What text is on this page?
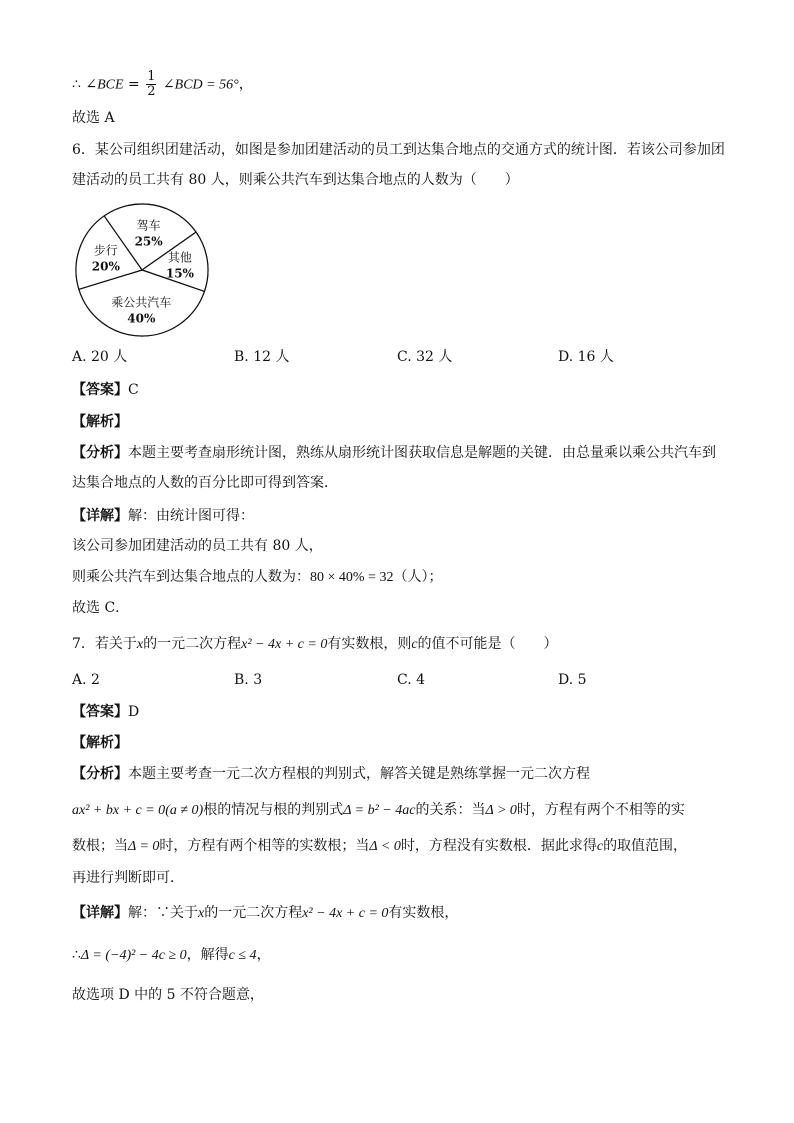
∴ ∠BCE = $\frac{1}{2}$ ∠BCD = 56°，
故选 A
6．某公司组织团建活动，如图是参加团建活动的员工到达集合地点的交通方式的统计图．若该公司参加团
建活动的员工共有 80 人，则乘公共汽车到达集合地点的人数为（　　）
驾车
25%
其他
15%
乘公共汽车
40%
步行
20%
A. 20 人	B. 12 人	C. 32 人	D. 16 人
【答案】C
【解析】
【分析】本题主要考查扇形统计图，熟练从扇形统计图获取信息是解题的关键．由总量乘以乘公共汽车到
达集合地点的人数的百分比即可得到答案．
【详解】解：由统计图可得：
该公司参加团建活动的员工共有 80 人，
则乘公共汽车到达集合地点的人数为：80 × 40% = 32（人）；
故选 C．
7．若关于x的一元二次方程x² − 4x + c = 0有实数根，则c的值不可能是（　　）
A. 2	B. 3	C. 4	D. 5
【答案】D
【解析】
【分析】本题主要考查一元二次方程根的判别式，解答关键是熟练掌握一元二次方程
ax² + bx + c = 0(a ≠ 0)根的情况与根的判别式Δ = b² − 4ac的关系：当Δ > 0时，方程有两个不相等的实
数根；当Δ = 0时，方程有两个相等的实数根；当Δ < 0时，方程没有实数根．据此求得c的取值范围，
再进行判断即可．
【详解】解：∵关于x的一元二次方程x² − 4x + c = 0有实数根，
∴Δ = (−4)² − 4c ≥ 0，解得c ≤ 4，
故选项 D 中的 5 不符合题意，
